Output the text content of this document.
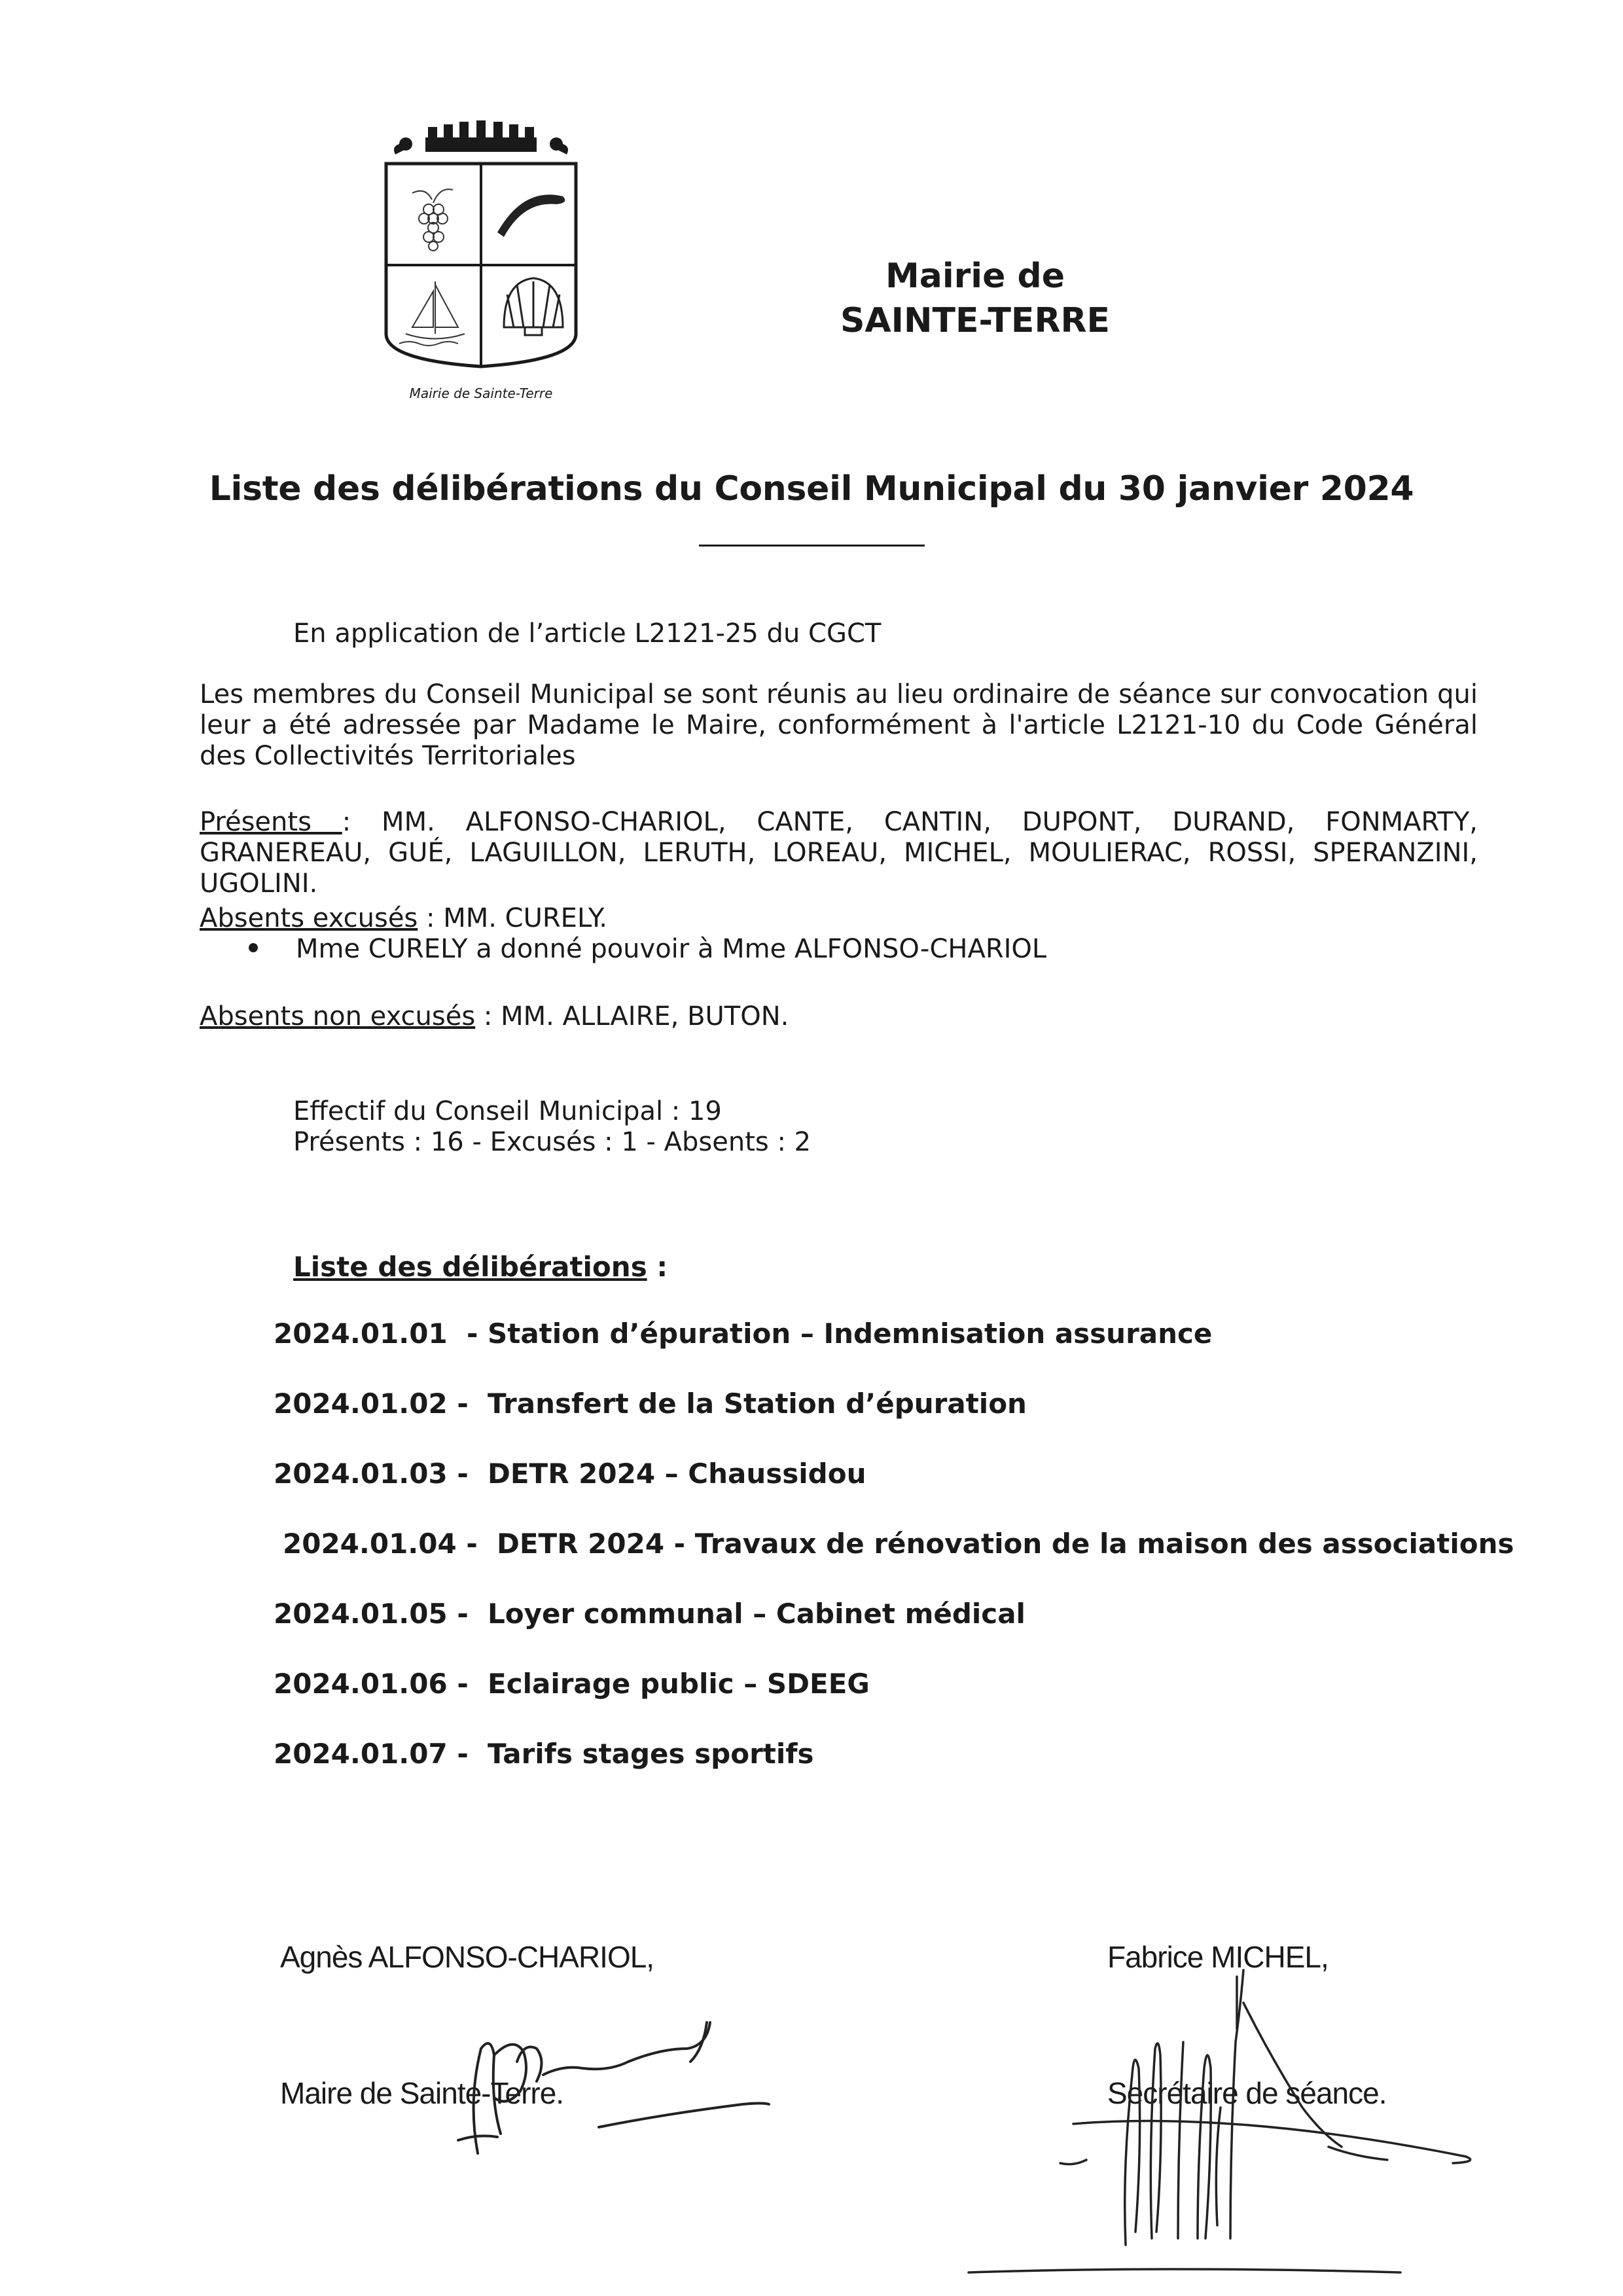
Mairie de Sainte-Terre
Mairie de
SAINTE-TERRE
Liste des délibérations du Conseil Municipal du 30 janvier 2024
En application de l’article L2121-25 du CGCT
Les membres du Conseil Municipal se sont réunis au lieu ordinaire de séance sur convocation qui leur a été adressée par Madame le Maire, conformément à l'article L2121-10 du Code Général des Collectivités Territoriales
Présents : MM. ALFONSO-CHARIOL, CANTE, CANTIN, DUPONT, DURAND, FONMARTY, GRANEREAU, GUÉ, LAGUILLON, LERUTH, LOREAU, MICHEL, MOULIERAC, ROSSI, SPERANZINI, UGOLINI.
Absents excusés : MM. CURELY.
Mme CURELY a donné pouvoir à Mme ALFONSO-CHARIOL
Absents non excusés : MM. ALLAIRE, BUTON.
Effectif du Conseil Municipal : 19
Présents : 16 - Excusés : 1 - Absents : 2
Liste des délibérations :
2024.01.01  - Station d’épuration – Indemnisation assurance
2024.01.02 -  Transfert de la Station d’épuration
2024.01.03 -  DETR 2024 – Chaussidou
2024.01.04 -  DETR 2024 - Travaux de rénovation de la maison des associations
2024.01.05 -  Loyer communal – Cabinet médical
2024.01.06 -  Eclairage public – SDEEG
2024.01.07 -  Tarifs stages sportifs
Agnès ALFONSO-CHARIOL,
Maire de Sainte-Terre.
Fabrice MICHEL,
Secrétaire de séance.
